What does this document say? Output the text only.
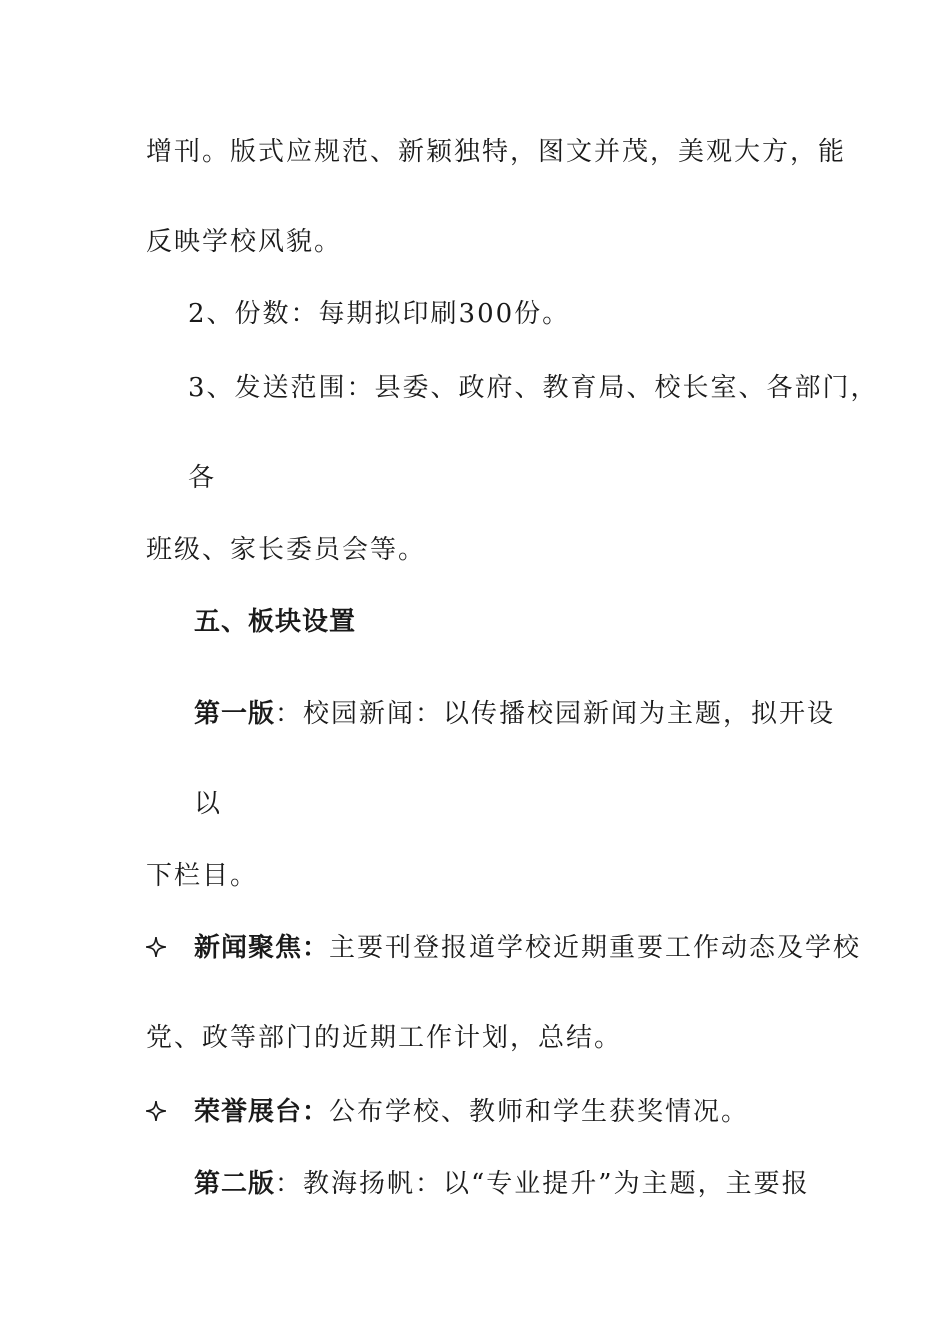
增刊。版式应规范、新颖独特，图文并茂，美观大方，能
反映学校风貌。
2、份数：每期拟印刷300份。
3、发送范围：县委、政府、教育局、校长室、各部门，
各
班级、家长委员会等。
五、板块设置
第一版：校园新闻：以传播校园新闻为主题，拟开设
以
下栏目。
新闻聚焦：主要刊登报道学校近期重要工作动态及学校
党、政等部门的近期工作计划，总结。
荣誉展台：公布学校、教师和学生获奖情况。
第二版：教海扬帆：以“专业提升”为主题，主要报
